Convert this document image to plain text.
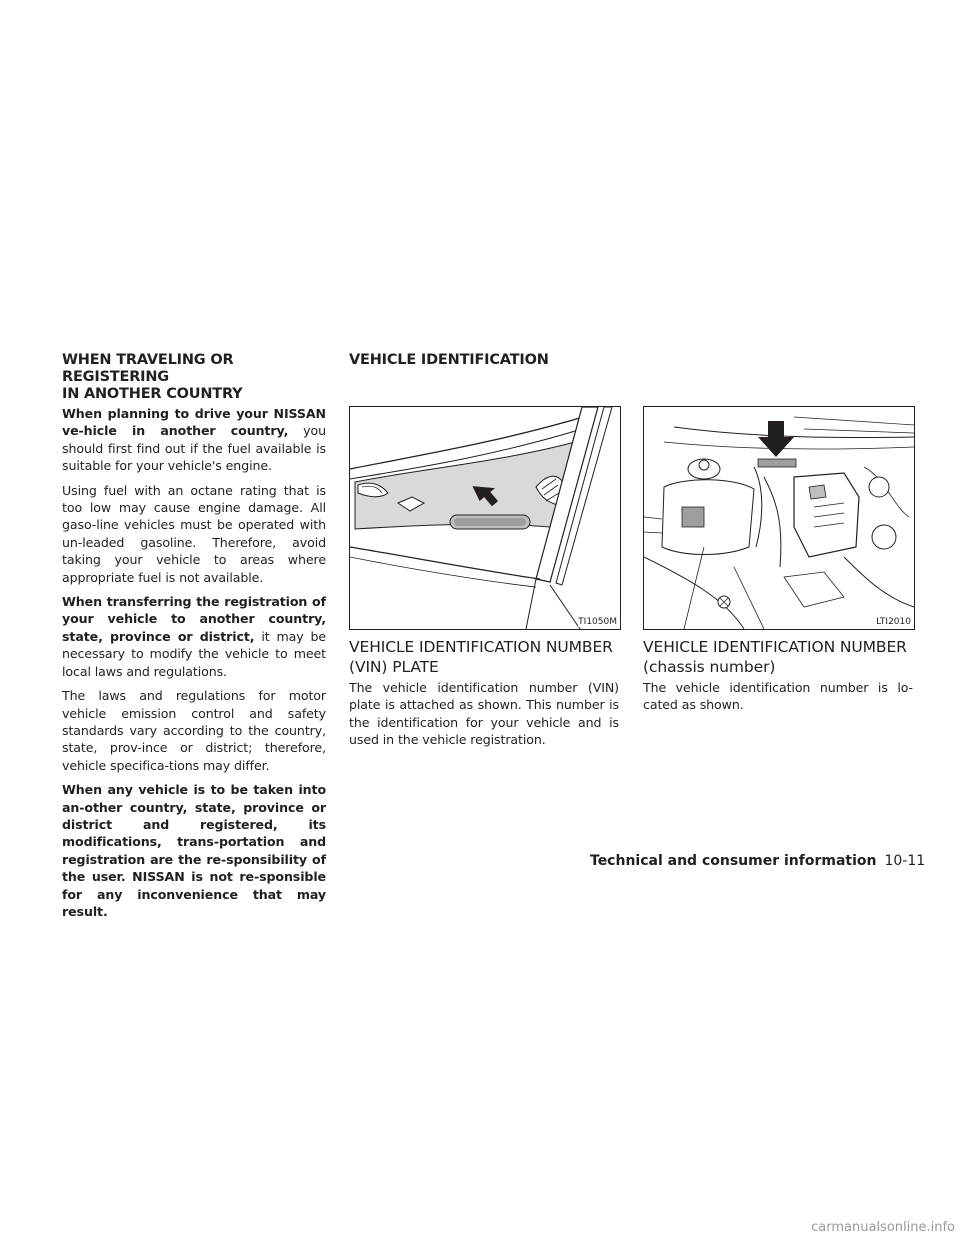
WHEN TRAVELING OR REGISTERING
IN ANOTHER COUNTRY

When planning to drive your NISSAN ve-hicle in another country, you should first find out if the fuel available is suitable for your vehicle's engine.

Using fuel with an octane rating that is too low may cause engine damage. All gaso-line vehicles must be operated with un-leaded gasoline. Therefore, avoid taking your vehicle to areas where appropriate fuel is not available.

When transferring the registration of your vehicle to another country, state, province or district, it may be necessary to modify the vehicle to meet local laws and regulations.

The laws and regulations for motor vehicle emission control and safety standards vary according to the country, state, prov-ince or district; therefore, vehicle specifica-tions may differ.

When any vehicle is to be taken into an-other country, state, province or district and registered, its modifications, trans-portation and registration are the re-sponsibility of the user. NISSAN is not re-sponsible for any inconvenience that may result.

VEHICLE IDENTIFICATION
TI1050M
VEHICLE IDENTIFICATION NUMBER
(VIN) PLATE
The vehicle identification number (VIN) plate is attached as shown. This number is the identification for your vehicle and is used in the vehicle registration.
LTI2010
VEHICLE IDENTIFICATION NUMBER
(chassis number)
The vehicle identification number is lo-cated as shown.
Technical and consumer information 10-11
carmanualsonline.info
